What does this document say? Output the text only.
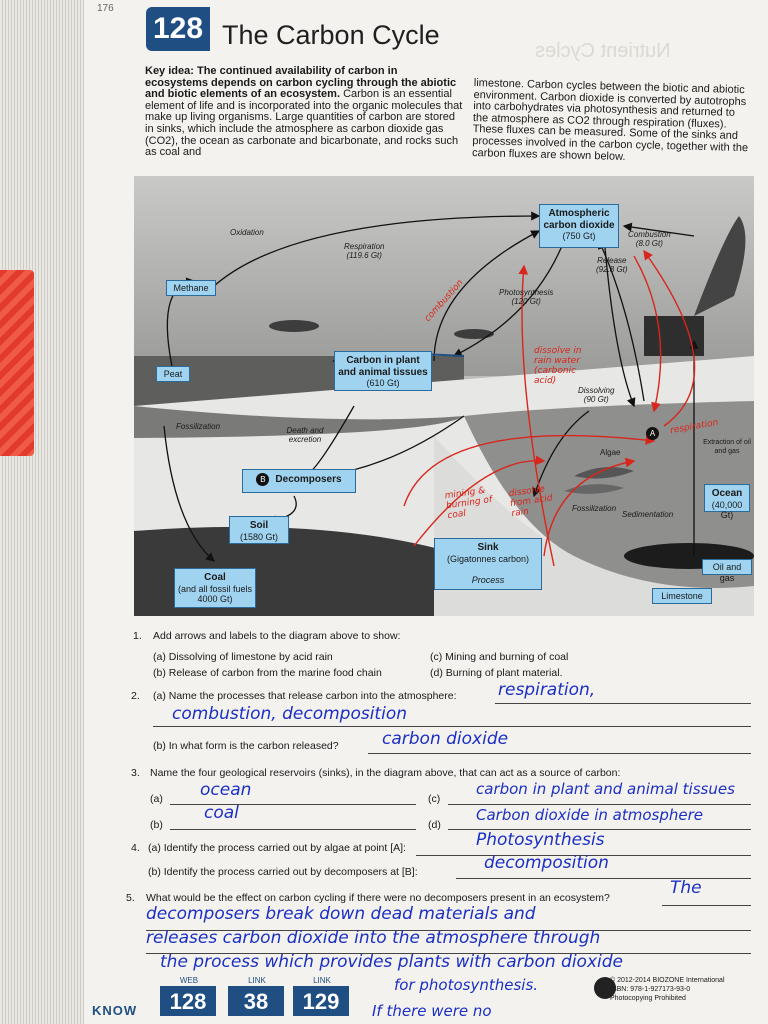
176
Nutrient Cycles
128 The Carbon Cycle
Key idea: The continued availability of carbon in ecosystems depends on carbon cycling through the abiotic and biotic elements of an ecosystem. Carbon is an essential element of life and is incorporated into the organic molecules that make up living organisms. Large quantities of carbon are stored in sinks, which include the atmosphere as carbon dioxide gas (CO2), the ocean as carbonate and bicarbonate, and rocks such as coal and
limestone. Carbon cycles between the biotic and abiotic environment. Carbon dioxide is converted by autotrophs into carbohydrates via photosynthesis and returned to the atmosphere as CO2 through respiration (fluxes). These fluxes can be measured. Some of the sinks and processes involved in the carbon cycle, together with the carbon fluxes are shown below.
Atmospheric carbon dioxide
(750 Gt)
Methane
Peat
Carbon in plant and animal tissues
(610 Gt)
B Decomposers
Soil
(1580 Gt)
Coal
(and all fossil fuels 4000 Gt)
Sink
(Gigatonnes carbon)

Process
Ocean
(40,000 Gt)
Oil and gas
Limestone
Oxidation
Respiration
(119.6 Gt)
Photosynthesis
(120 Gt)
Combustion
(8.0 Gt)
Release
(92.8 Gt)
Dissolving
(90 Gt)
Fossilization
Fossilization
Death and excretion
Sedimentation
Algae
A
Extraction of oil and gas
combustion
dissolve in rain water (carbonic acid)
respiration
mining & burning of coal
dissolve from acid rain
1. Add arrows and labels to the diagram above to show:
(a) Dissolving of limestone by acid rain
(b) Release of carbon from the marine food chain
(c) Mining and burning of coal
(d) Burning of plant material.
2. (a) Name the processes that release carbon into the atmosphere: respiration,
combustion, decomposition
(b) In what form is the carbon released?	carbon dioxide
3. Name the four geological reservoirs (sinks), in the diagram above, that can act as a source of carbon:
(a) ocean
(b)
coal
(c)
carbon in plant and animal tissues
(d)
Carbon dioxide in atmosphere
4. (a) Identify the process carried out by algae at point [A]:	Photosynthesis
(b) Identify the process carried out by decomposers at [B]:	decomposition
5. What would be the effect on carbon cycling if there were no decomposers present in an ecosystem?	The
decomposers break down dead materials and
releases carbon dioxide into the atmosphere through
the process which provides plants with carbon dioxide
for photosynthesis.
If there were no
KNOW
WEB
128
LINK
38
LINK
129
© 2012-2014 BIOZONE International
ISBN: 978-1-927173-93-0
Photocopying Prohibited
